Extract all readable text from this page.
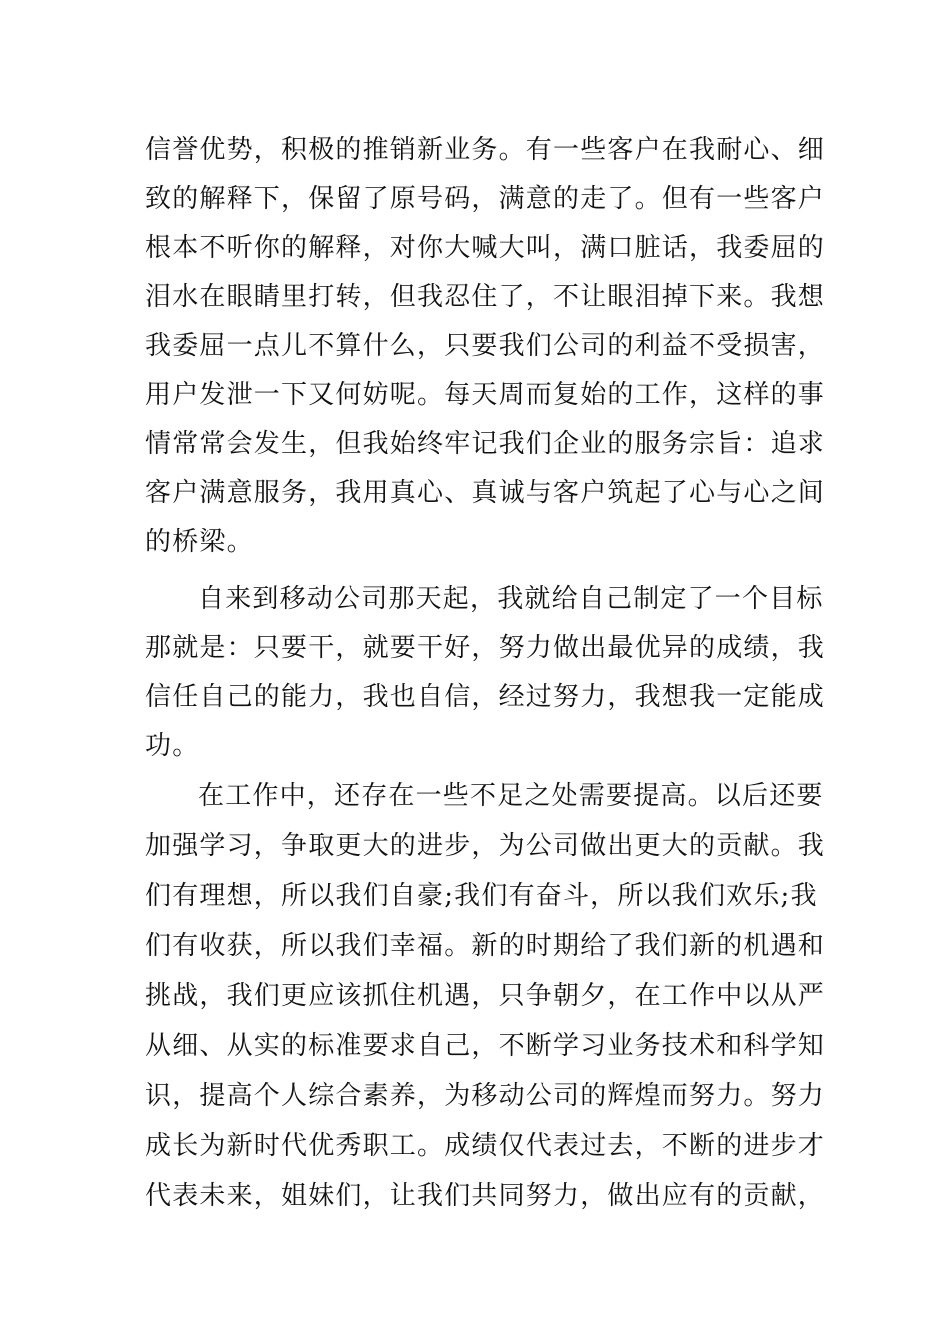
信誉优势，积极的推销新业务。有一些客户在我耐心、细
致的解释下，保留了原号码，满意的走了。但有一些客户
根本不听你的解释，对你大喊大叫，满口脏话，我委屈的
泪水在眼睛里打转，但我忍住了，不让眼泪掉下来。我想
我委屈一点儿不算什么，只要我们公司的利益不受损害，
用户发泄一下又何妨呢。每天周而复始的工作，这样的事
情常常会发生，但我始终牢记我们企业的服务宗旨：追求
客户满意服务，我用真心、真诚与客户筑起了心与心之间
的桥梁。
自来到移动公司那天起，我就给自己制定了一个目标
那就是：只要干，就要干好，努力做出最优异的成绩，我
信任自己的能力，我也自信，经过努力，我想我一定能成
功。
在工作中，还存在一些不足之处需要提高。以后还要
加强学习，争取更大的进步，为公司做出更大的贡献。我
们有理想，所以我们自豪;我们有奋斗，所以我们欢乐;我
们有收获，所以我们幸福。新的时期给了我们新的机遇和
挑战，我们更应该抓住机遇，只争朝夕，在工作中以从严
从细、从实的标准要求自己，不断学习业务技术和科学知
识，提高个人综合素养，为移动公司的辉煌而努力。努力
成长为新时代优秀职工。成绩仅代表过去，不断的进步才
代表未来，姐妹们，让我们共同努力，做出应有的贡献，
